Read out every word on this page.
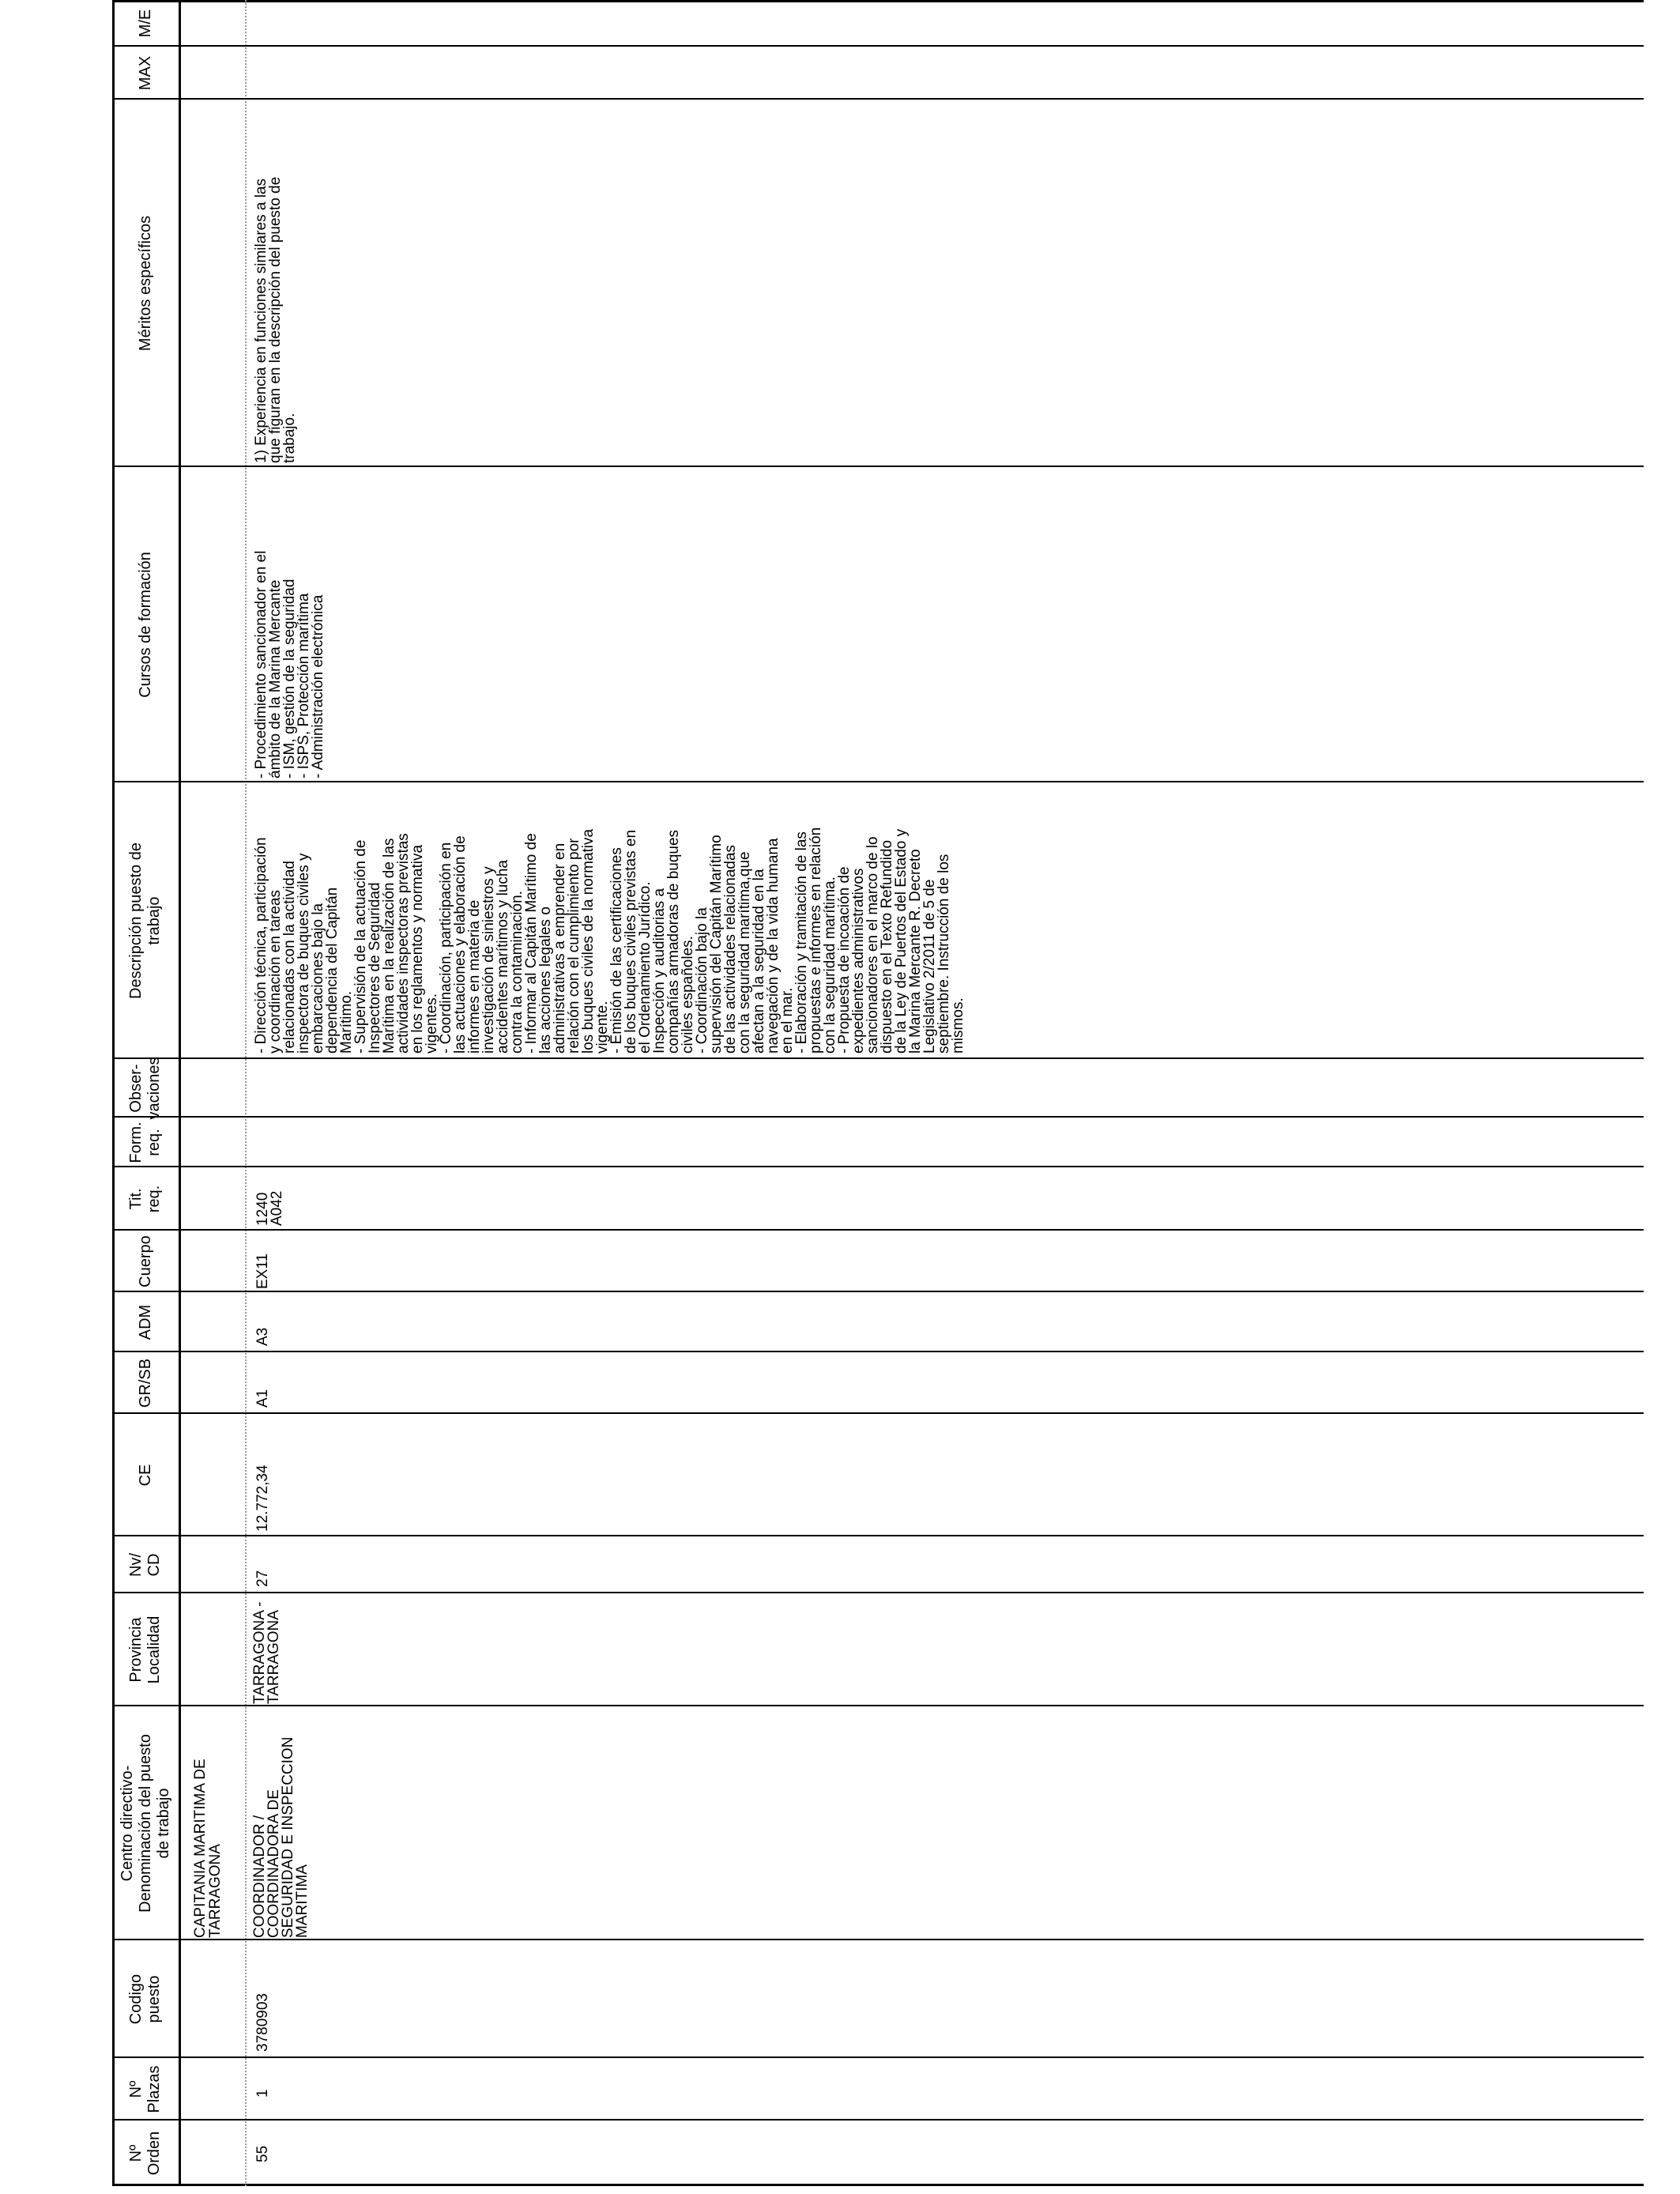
Nº
Orden
Nº
Plazas
Codigo
puesto
Centro directivo-
Denominación del puesto
de trabajo
Provincia
Localidad
Nv/
CD
CE
GR/SB
ADM
Cuerpo
Tit.
req.
Form.
req.
Obser-
vaciones
Descripción puesto de
trabajo
Cursos de formación
Méritos específicos
MAX
M/E
CAPITANIA MARITIMA DE
TARRAGONA
55
1
3780903
COORDINADOR /
COORDINADORA DE
SEGURIDAD E INSPECCION
MARITIMA
TARRAGONA -
TARRAGONA
27
12.772,34
A1
A3
EX11
1240
A042
- Dirección técnica, participación
y coordinación en tareas
relacionadas con la actividad
inspectora de buques civiles y
embarcaciones bajo la
dependencia del Capitán
Marítimo.
- Supervisión de la actuación de
Inspectores de Seguridad
Marítima en la realización de las
actividades inspectoras previstas
en los reglamentos y normativa
vigentes.
- Coordinación, participación en
las actuaciones y elaboración de
informes en materia de
investigación de siniestros y
accidentes marítimos y lucha
contra la contaminación.
- Informar al Capitán Marítimo de
las acciones legales o
administrativas a emprender en
relación con el cumplimiento por
los buques civiles de la normativa
vigente.
- Emisión de las certificaciones
de los buques civiles previstas en
el Ordenamiento Jurídico.
Inspección y auditorias a
compañías armadoras de buques
civiles españoles.
- Coordinación bajo la
supervisión del Capitán Marítimo
de las actividades relacionadas
con la seguridad marítima,que
afectan a la seguridad en la
navegación y de la vida humana
en el mar.
- Elaboración y tramitación de las
propuestas e informes en relación
con la seguridad marítima.
- Propuesta de incoación de
expedientes administrativos
sancionadores en el marco de lo
dispuesto en el Texto Refundido
de la Ley de Puertos del Estado y
la Marina Mercante R. Decreto
Legislativo 2/2011 de 5 de
septiembre. Instrucción de los
mismos.
- Procedimiento sancionador en el
ámbito de la Marina Mercante
- ISM, gestión de la seguridad
- ISPS, Protección marítima
- Administración electrónica
1) Experiencia en funciones similares a las
que figuran en la descripción del puesto de
trabajo.
